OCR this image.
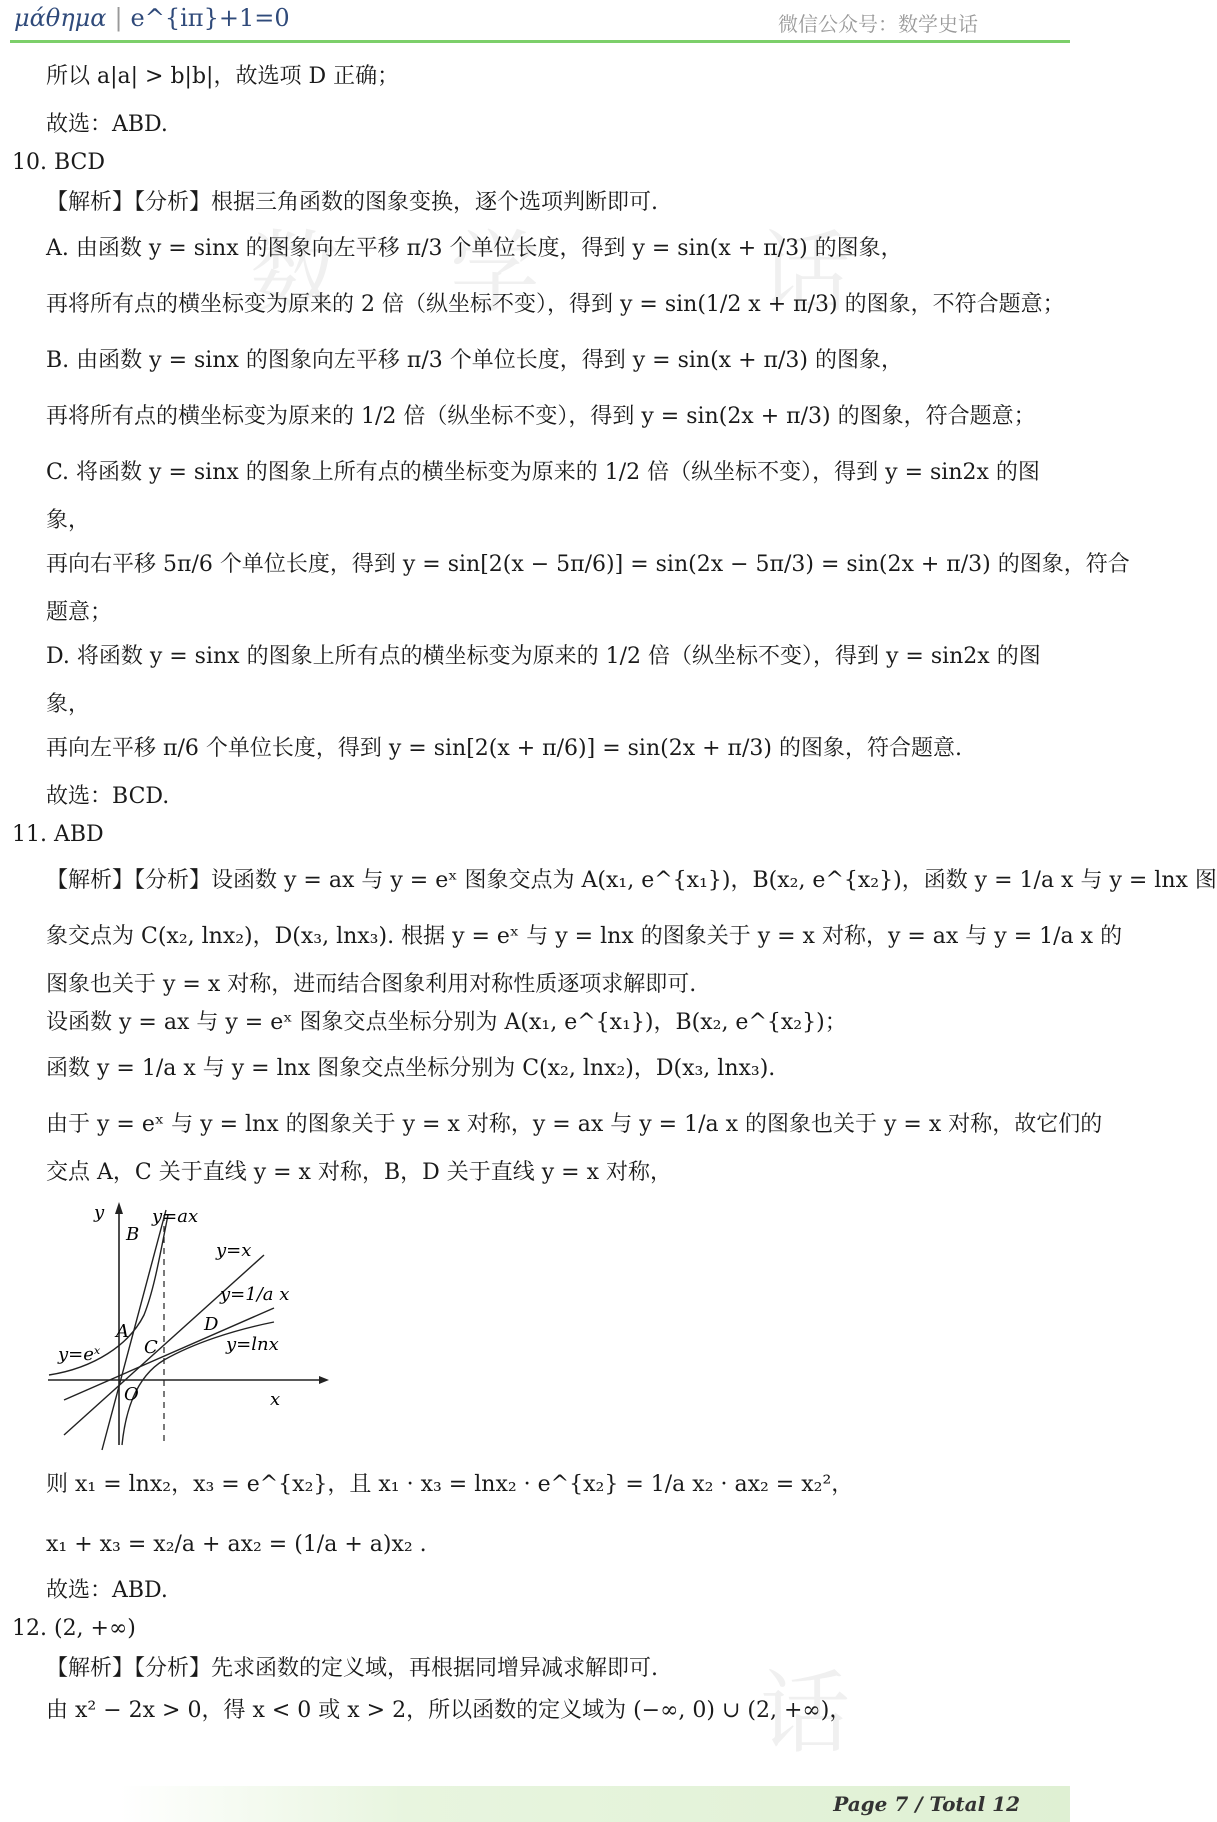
μάθημα | e^{iπ}+1=0	微信公众号：数学史话
数 学 话
话
所以 a|a| > b|b|，故选项 D 正确；
故选：ABD.
10. BCD
【解析】【分析】根据三角函数的图象变换，逐个选项判断即可.
A. 由函数 y = sinx 的图象向左平移 π/3 个单位长度，得到 y = sin(x + π/3) 的图象，
再将所有点的横坐标变为原来的 2 倍（纵坐标不变），得到 y = sin(1/2 x + π/3) 的图象，不符合题意；
B. 由函数 y = sinx 的图象向左平移 π/3 个单位长度，得到 y = sin(x + π/3) 的图象，
再将所有点的横坐标变为原来的 1/2 倍（纵坐标不变），得到 y = sin(2x + π/3) 的图象，符合题意；
C. 将函数 y = sinx 的图象上所有点的横坐标变为原来的 1/2 倍（纵坐标不变），得到 y = sin2x 的图
象，
再向右平移 5π/6 个单位长度，得到 y = sin[2(x − 5π/6)] = sin(2x − 5π/3) = sin(2x + π/3) 的图象，符合
题意；
D. 将函数 y = sinx 的图象上所有点的横坐标变为原来的 1/2 倍（纵坐标不变），得到 y = sin2x 的图
象，
再向左平移 π/6 个单位长度，得到 y = sin[2(x + π/6)] = sin(2x + π/3) 的图象，符合题意.
故选：BCD.
11. ABD
【解析】【分析】设函数 y = ax 与 y = eˣ 图象交点为 A(x₁, e^{x₁})，B(x₂, e^{x₂})，函数 y = 1/a x 与 y = lnx 图
象交点为 C(x₂, lnx₂)，D(x₃, lnx₃). 根据 y = eˣ 与 y = lnx 的图象关于 y = x 对称，y = ax 与 y = 1/a x 的
图象也关于 y = x 对称，进而结合图象利用对称性质逐项求解即可.
设函数 y = ax 与 y = eˣ 图象交点坐标分别为 A(x₁, e^{x₁})，B(x₂, e^{x₂})；
函数 y = 1/a x 与 y = lnx 图象交点坐标分别为 C(x₂, lnx₂)，D(x₃, lnx₃).
由于 y = eˣ 与 y = lnx 的图象关于 y = x 对称，y = ax 与 y = 1/a x 的图象也关于 y = x 对称，故它们的
交点 A，C 关于直线 y = x 对称，B，D 关于直线 y = x 对称，
则 x₁ = lnx₂，x₃ = e^{x₂}，且 x₁ · x₃ = lnx₂ · e^{x₂} = 1/a x₂ · ax₂ = x₂²，
x₁ + x₃ = x₂/a + ax₂ = (1/a + a)x₂ .
故选：ABD.
12. (2, +∞)
【解析】【分析】先求函数的定义域，再根据同增异减求解即可.
由 x² − 2x > 0，得 x < 0 或 x > 2，所以函数的定义域为 (−∞, 0) ∪ (2, +∞)，
y
x
O
y=ax
B
y=x
y=1/a x
D
A
C	y=lnx
y=eˣ
Page 7 / Total 12
